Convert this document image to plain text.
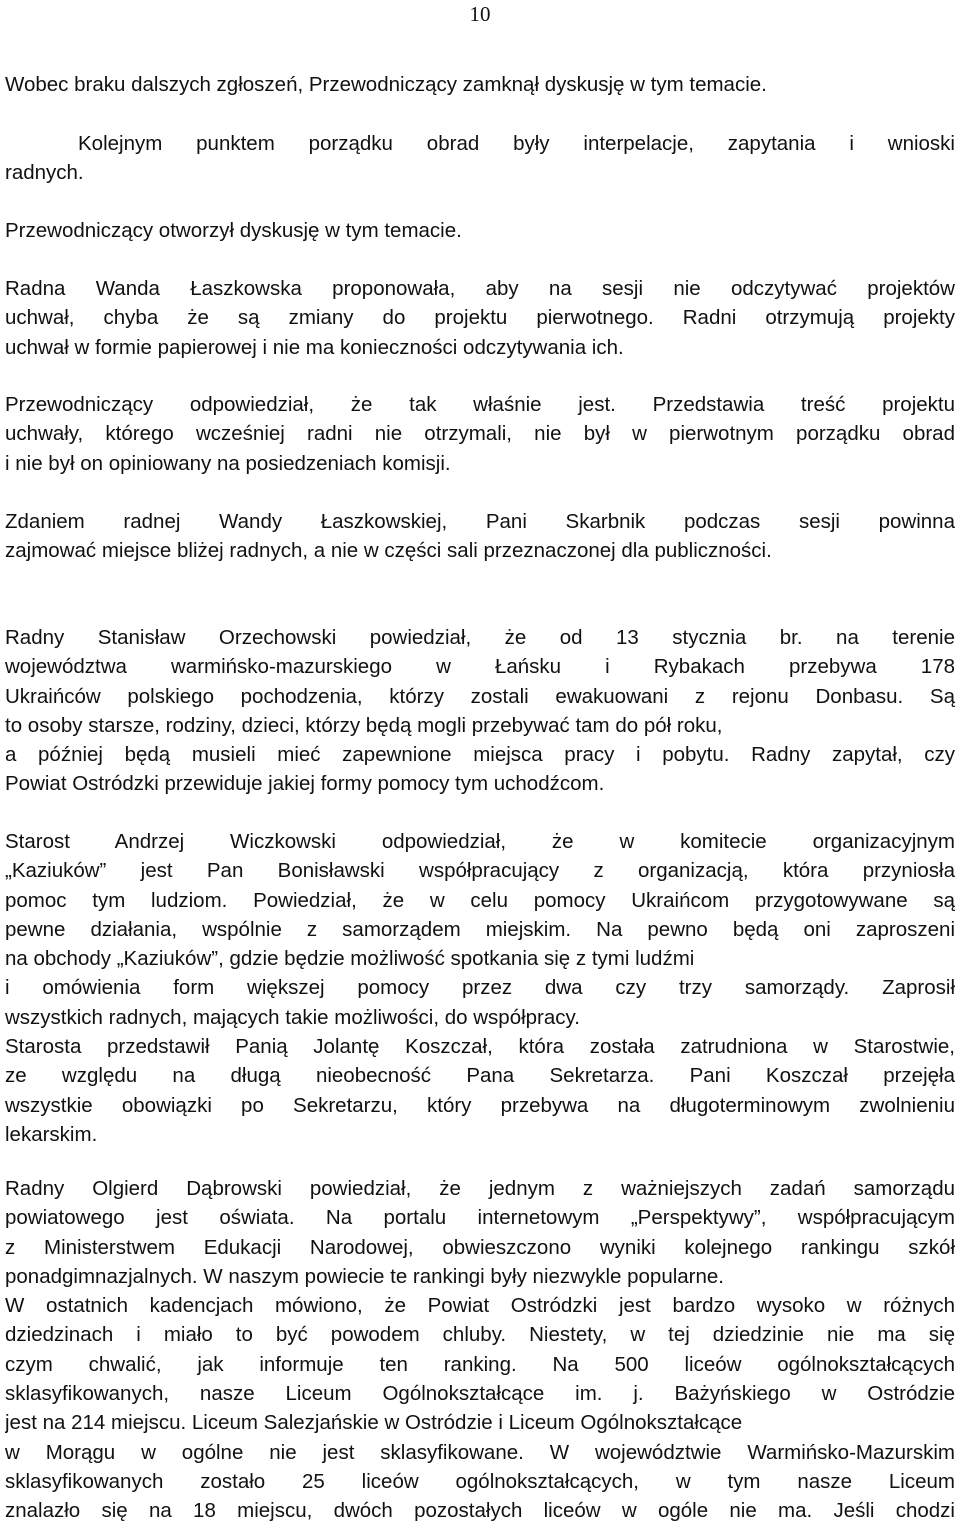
10
Wobec braku dalszych zgłoszeń, Przewodniczący zamknął dyskusję w tym temacie.
Kolejnym punktem porządku obrad były interpelacje, zapytania i wnioski
radnych.
Przewodniczący otworzył dyskusję w tym temacie.
Radna Wanda Łaszkowska proponowała, aby na sesji nie odczytywać projektów
uchwał, chyba że są zmiany do projektu pierwotnego. Radni otrzymują projekty
uchwał w formie papierowej i nie ma konieczności odczytywania ich.
Przewodniczący odpowiedział, że tak właśnie jest. Przedstawia treść projektu
uchwały, którego wcześniej radni nie otrzymali, nie był w pierwotnym porządku obrad
i nie był on opiniowany na posiedzeniach komisji.
Zdaniem radnej Wandy Łaszkowskiej, Pani Skarbnik podczas sesji powinna
zajmować miejsce bliżej radnych, a nie w części sali przeznaczonej dla publiczności.
Radny Stanisław Orzechowski powiedział, że od 13 stycznia br. na terenie
województwa warmińsko-mazurskiego w Łańsku i Rybakach przebywa 178
Ukraińców polskiego pochodzenia, którzy zostali ewakuowani z rejonu Donbasu. Są
to osoby starsze, rodziny, dzieci, którzy będą mogli przebywać tam do pół roku,
a później będą musieli mieć zapewnione miejsca pracy i pobytu. Radny zapytał, czy
Powiat Ostródzki przewiduje jakiej formy pomocy tym uchodźcom.
Starost Andrzej Wiczkowski odpowiedział, że w komitecie organizacyjnym
„Kaziuków” jest Pan Bonisławski współpracujący z organizacją, która przyniosła
pomoc tym ludziom. Powiedział, że w celu pomocy Ukraińcom przygotowywane są
pewne działania, wspólnie z samorządem miejskim. Na pewno będą oni zaproszeni
na obchody „Kaziuków”, gdzie będzie możliwość spotkania się z tymi ludźmi
i omówienia form większej pomocy przez dwa czy trzy samorządy. Zaprosił
wszystkich radnych, mających takie możliwości, do współpracy.
Starosta przedstawił Panią Jolantę Koszczał, która została zatrudniona w Starostwie,
ze względu na długą nieobecność Pana Sekretarza. Pani Koszczał przejęła
wszystkie obowiązki po Sekretarzu, który przebywa na długoterminowym zwolnieniu
lekarskim.
Radny Olgierd Dąbrowski powiedział, że jednym z ważniejszych zadań samorządu
powiatowego jest oświata. Na portalu internetowym „Perspektywy”, współpracującym
z Ministerstwem Edukacji Narodowej, obwieszczono wyniki kolejnego rankingu szkół
ponadgimnazjalnych. W naszym powiecie te rankingi były niezwykle popularne.
W ostatnich kadencjach mówiono, że Powiat Ostródzki jest bardzo wysoko w różnych
dziedzinach i miało to być powodem chluby. Niestety, w tej dziedzinie nie ma się
czym chwalić, jak informuje ten ranking. Na 500 liceów ogólnokształcących
sklasyfikowanych, nasze Liceum Ogólnokształcące im. j. Bażyńskiego w Ostródzie
jest na 214 miejscu. Liceum Salezjańskie w Ostródzie i Liceum Ogólnokształcące
w Morągu w ogólne nie jest sklasyfikowane. W województwie Warmińsko-Mazurskim
sklasyfikowanych zostało 25 liceów ogólnokształcących, w tym nasze Liceum
znalazło się na 18 miejscu, dwóch pozostałych liceów w ogóle nie ma. Jeśli chodzi
